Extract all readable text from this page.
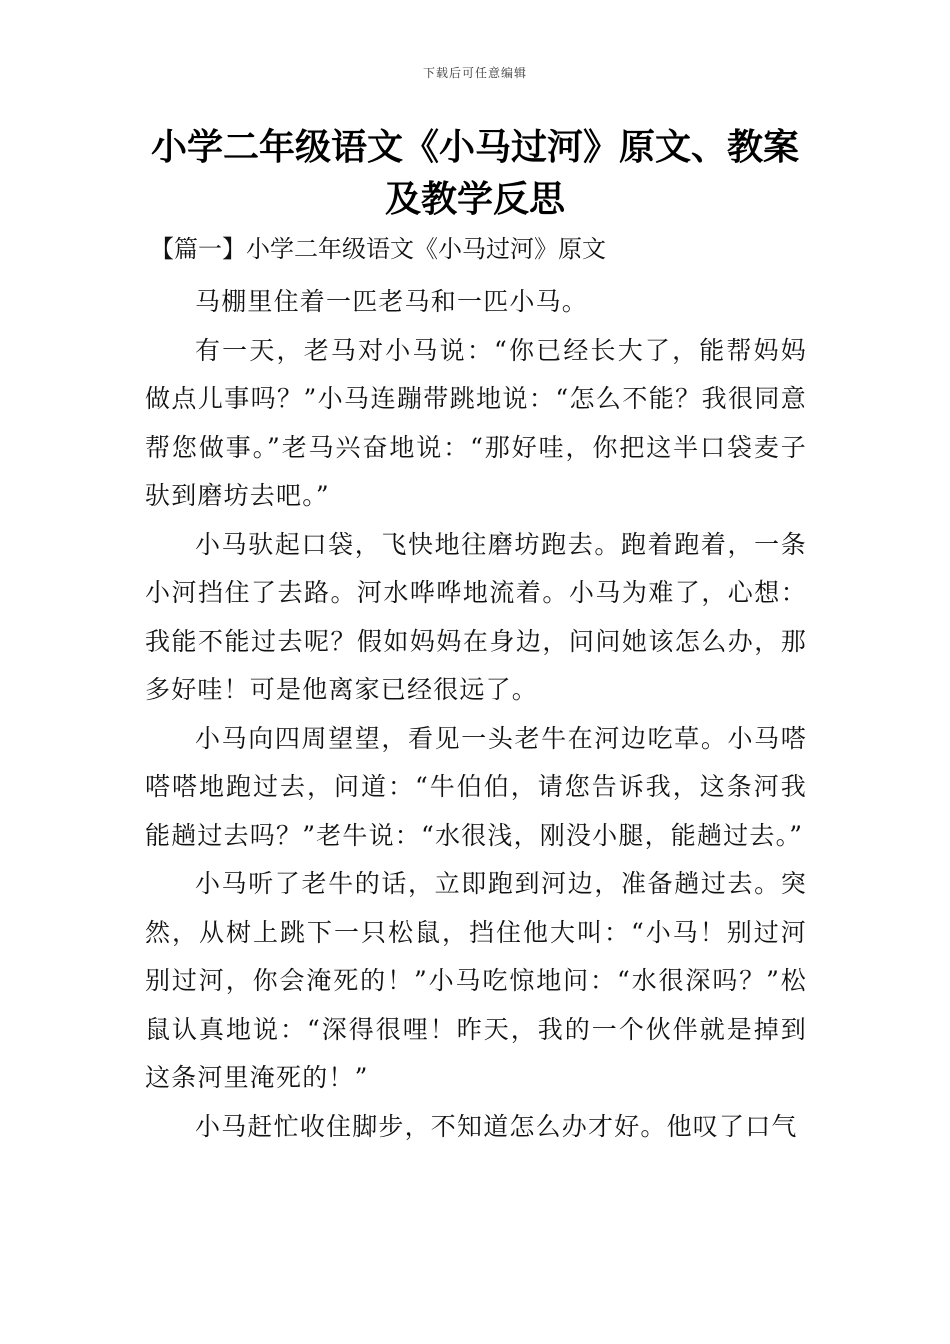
下载后可任意编辑
小学二年级语文《小马过河》原文、教案及教学反思

【篇一】小学二年级语文《小马过河》原文

马棚里住着一匹老马和一匹小马。

有一天，老马对小马说：“你已经长大了，能帮妈妈做点儿事吗？”小马连蹦带跳地说：“怎么不能？我很同意帮您做事。”老马兴奋地说：“那好哇，你把这半口袋麦子驮到磨坊去吧。”

小马驮起口袋，飞快地往磨坊跑去。跑着跑着，一条小河挡住了去路。河水哗哗地流着。小马为难了，心想：我能不能过去呢？假如妈妈在身边，问问她该怎么办，那多好哇！可是他离家已经很远了。

小马向四周望望，看见一头老牛在河边吃草。小马嗒嗒嗒地跑过去，问道：“牛伯伯，请您告诉我，这条河我能趟过去吗？”老牛说：“水很浅，刚没小腿，能趟过去。”

小马听了老牛的话，立即跑到河边，准备趟过去。突然，从树上跳下一只松鼠，挡住他大叫：“小马！别过河别过河，你会淹死的！”小马吃惊地问：“水很深吗？”松鼠认真地说：“深得很哩！昨天，我的一个伙伴就是掉到这条河里淹死的！”

小马赶忙收住脚步，不知道怎么办才好。他叹了口气
